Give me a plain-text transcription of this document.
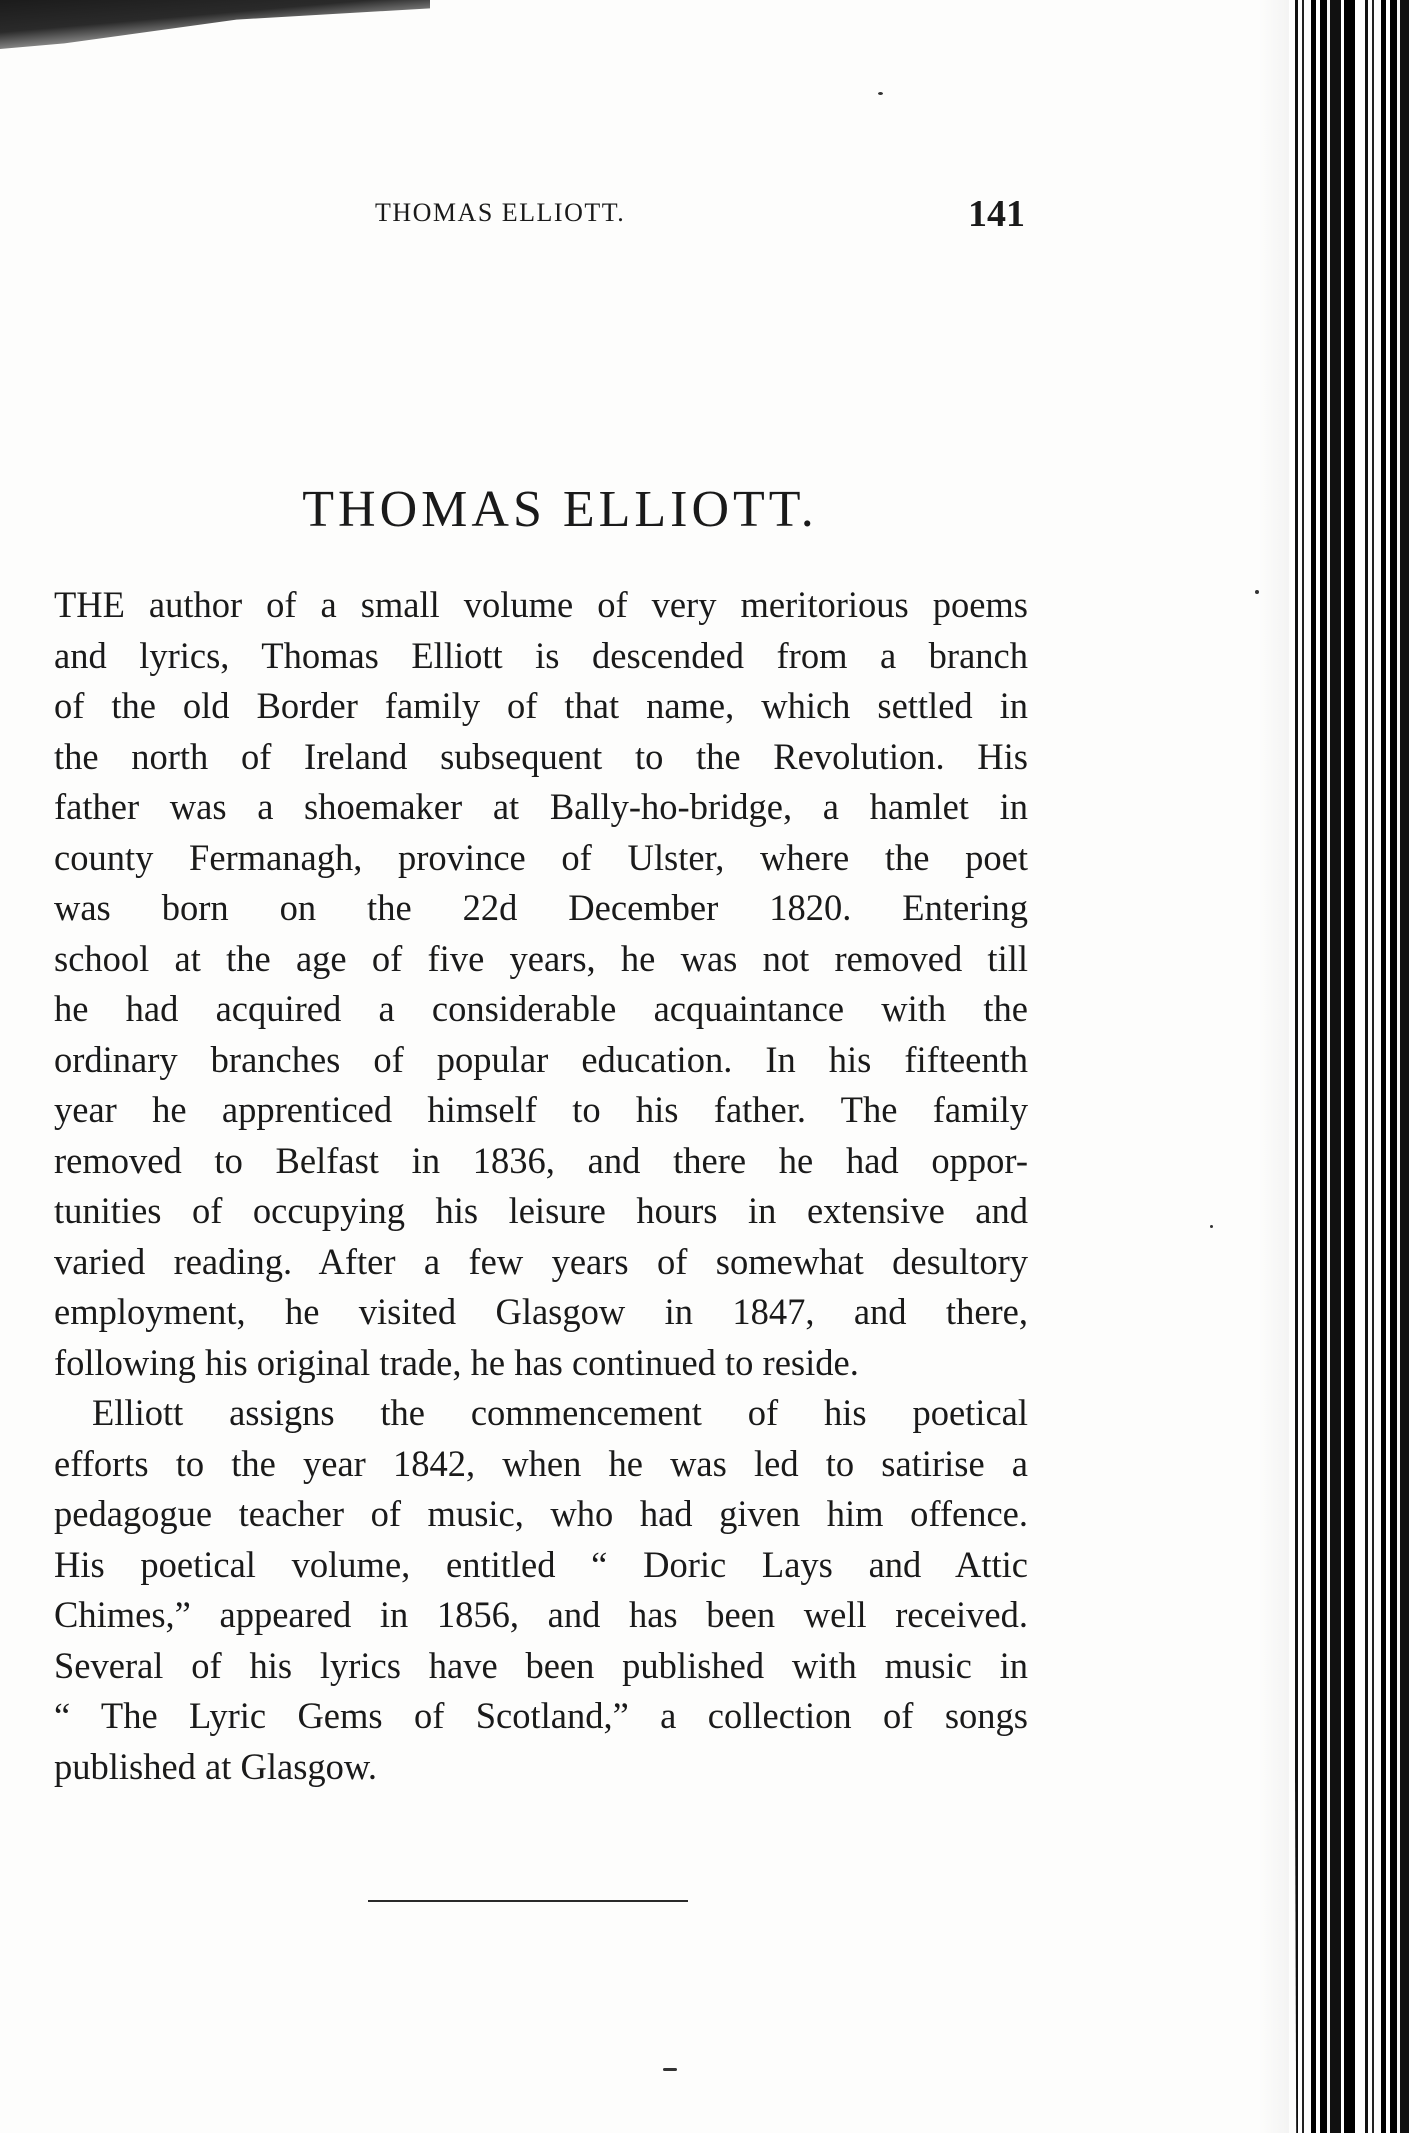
THOMAS ELLIOTT.	141
THOMAS ELLIOTT.
THE author of a small volume of very meritorious poems
and lyrics, Thomas Elliott is descended from a branch
of the old Border family of that name, which settled in
the north of Ireland subsequent to the Revolution. His
father was a shoemaker at Bally-ho-bridge, a hamlet in
county Fermanagh, province of Ulster, where the poet
was born on the 22d December 1820. Entering
school at the age of five years, he was not removed till
he had acquired a considerable acquaintance with the
ordinary branches of popular education. In his fifteenth
year he apprenticed himself to his father. The family
removed to Belfast in 1836, and there he had oppor-
tunities of occupying his leisure hours in extensive and
varied reading. After a few years of somewhat desultory
employment, he visited Glasgow in 1847, and there,
following his original trade, he has continued to reside.
Elliott assigns the commencement of his poetical
efforts to the year 1842, when he was led to satirise a
pedagogue teacher of music, who had given him offence.
His poetical volume, entitled “ Doric Lays and Attic
Chimes,” appeared in 1856, and has been well received.
Several of his lyrics have been published with music in
“ The Lyric Gems of Scotland,” a collection of songs
published at Glasgow.
